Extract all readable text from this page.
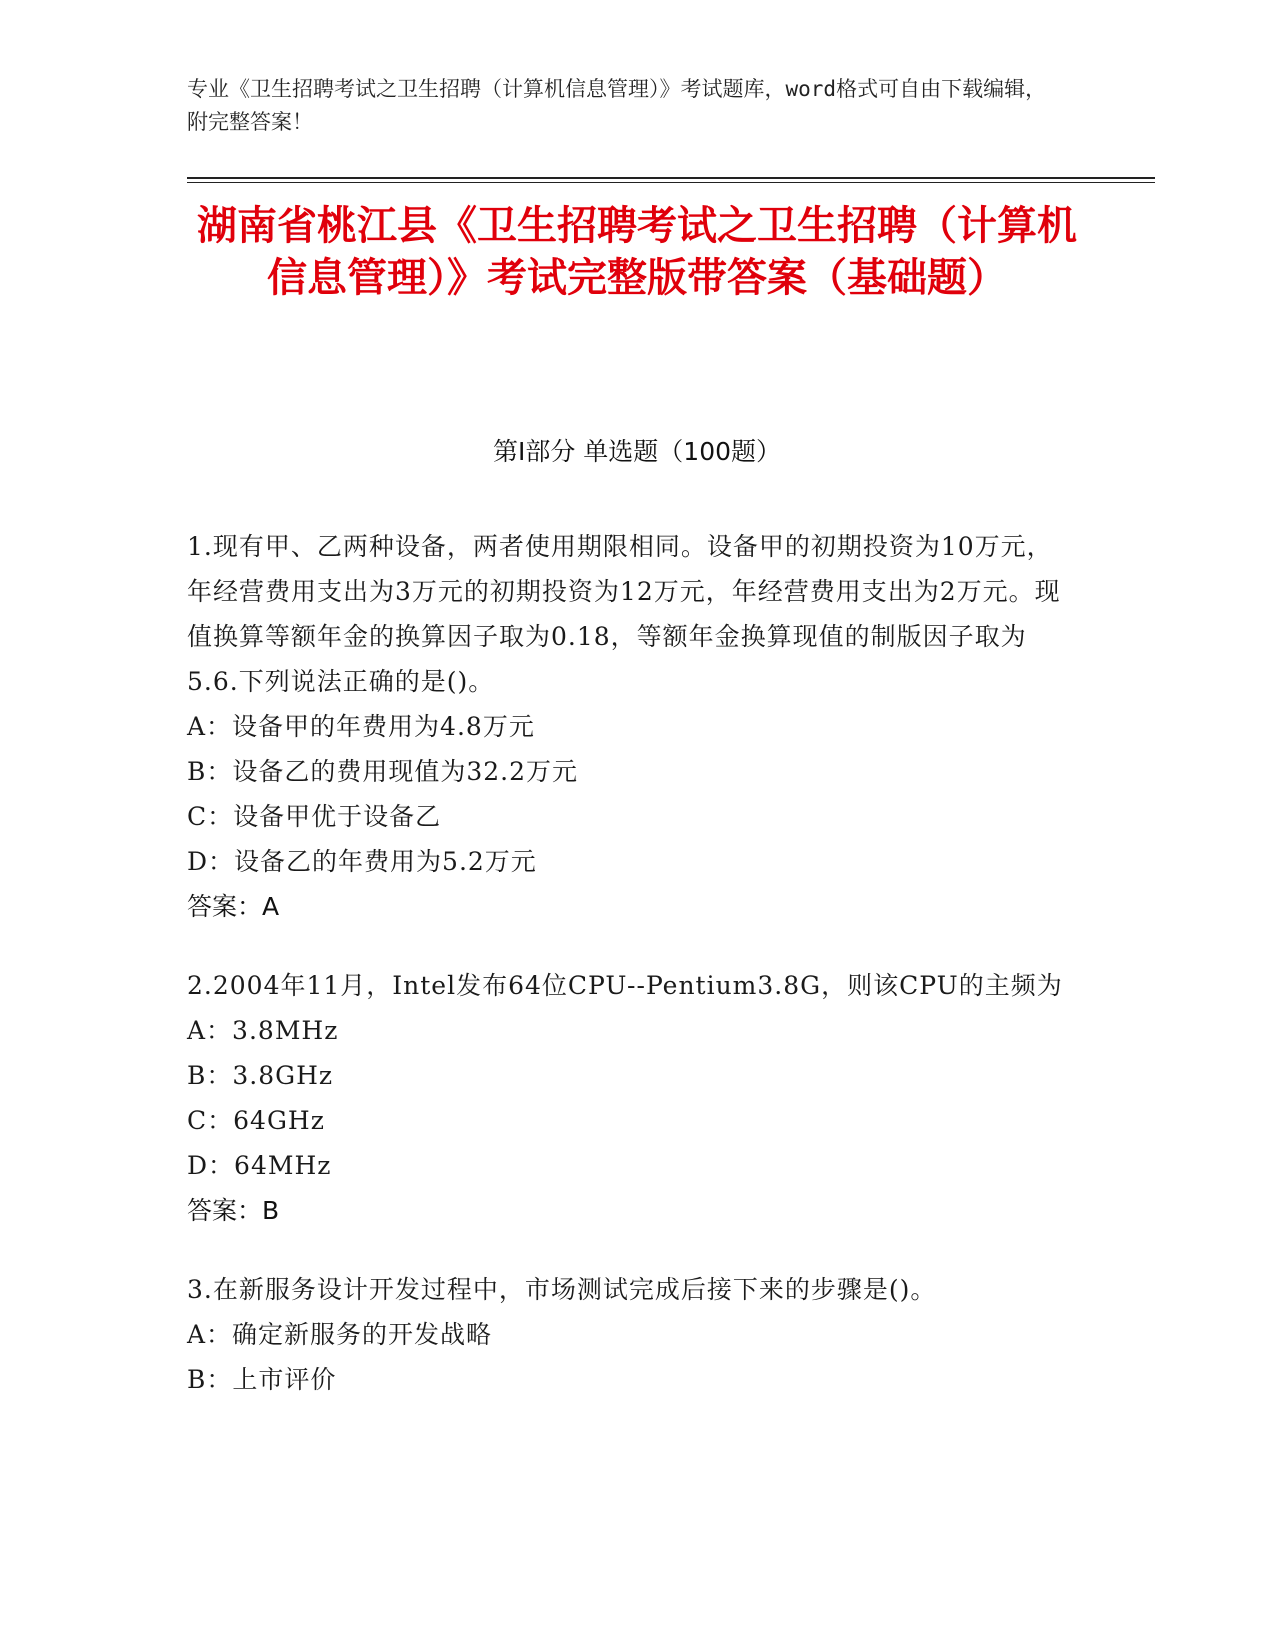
专业《卫生招聘考试之卫生招聘（计算机信息管理）》考试题库，word格式可自由下载编辑，附完整答案！
湖南省桃江县《卫生招聘考试之卫生招聘（计算机信息管理）》考试完整版带答案（基础题）
第Ⅰ部分 单选题（100题）
1.现有甲、乙两种设备，两者使用期限相同。设备甲的初期投资为10万元，年经营费用支出为3万元的初期投资为12万元，年经营费用支出为2万元。现值换算等额年金的换算因子取为0.18，等额年金换算现值的制版因子取为5.6.下列说法正确的是()。
A：设备甲的年费用为4.8万元
B：设备乙的费用现值为32.2万元
C：设备甲优于设备乙
D：设备乙的年费用为5.2万元
答案：A
2.2004年11月，Intel发布64位CPU--Pentium3.8G，则该CPU的主频为
A：3.8MHz
B：3.8GHz
C：64GHz
D：64MHz
答案：B
3.在新服务设计开发过程中，市场测试完成后接下来的步骤是()。
A：确定新服务的开发战略
B：上市评价
